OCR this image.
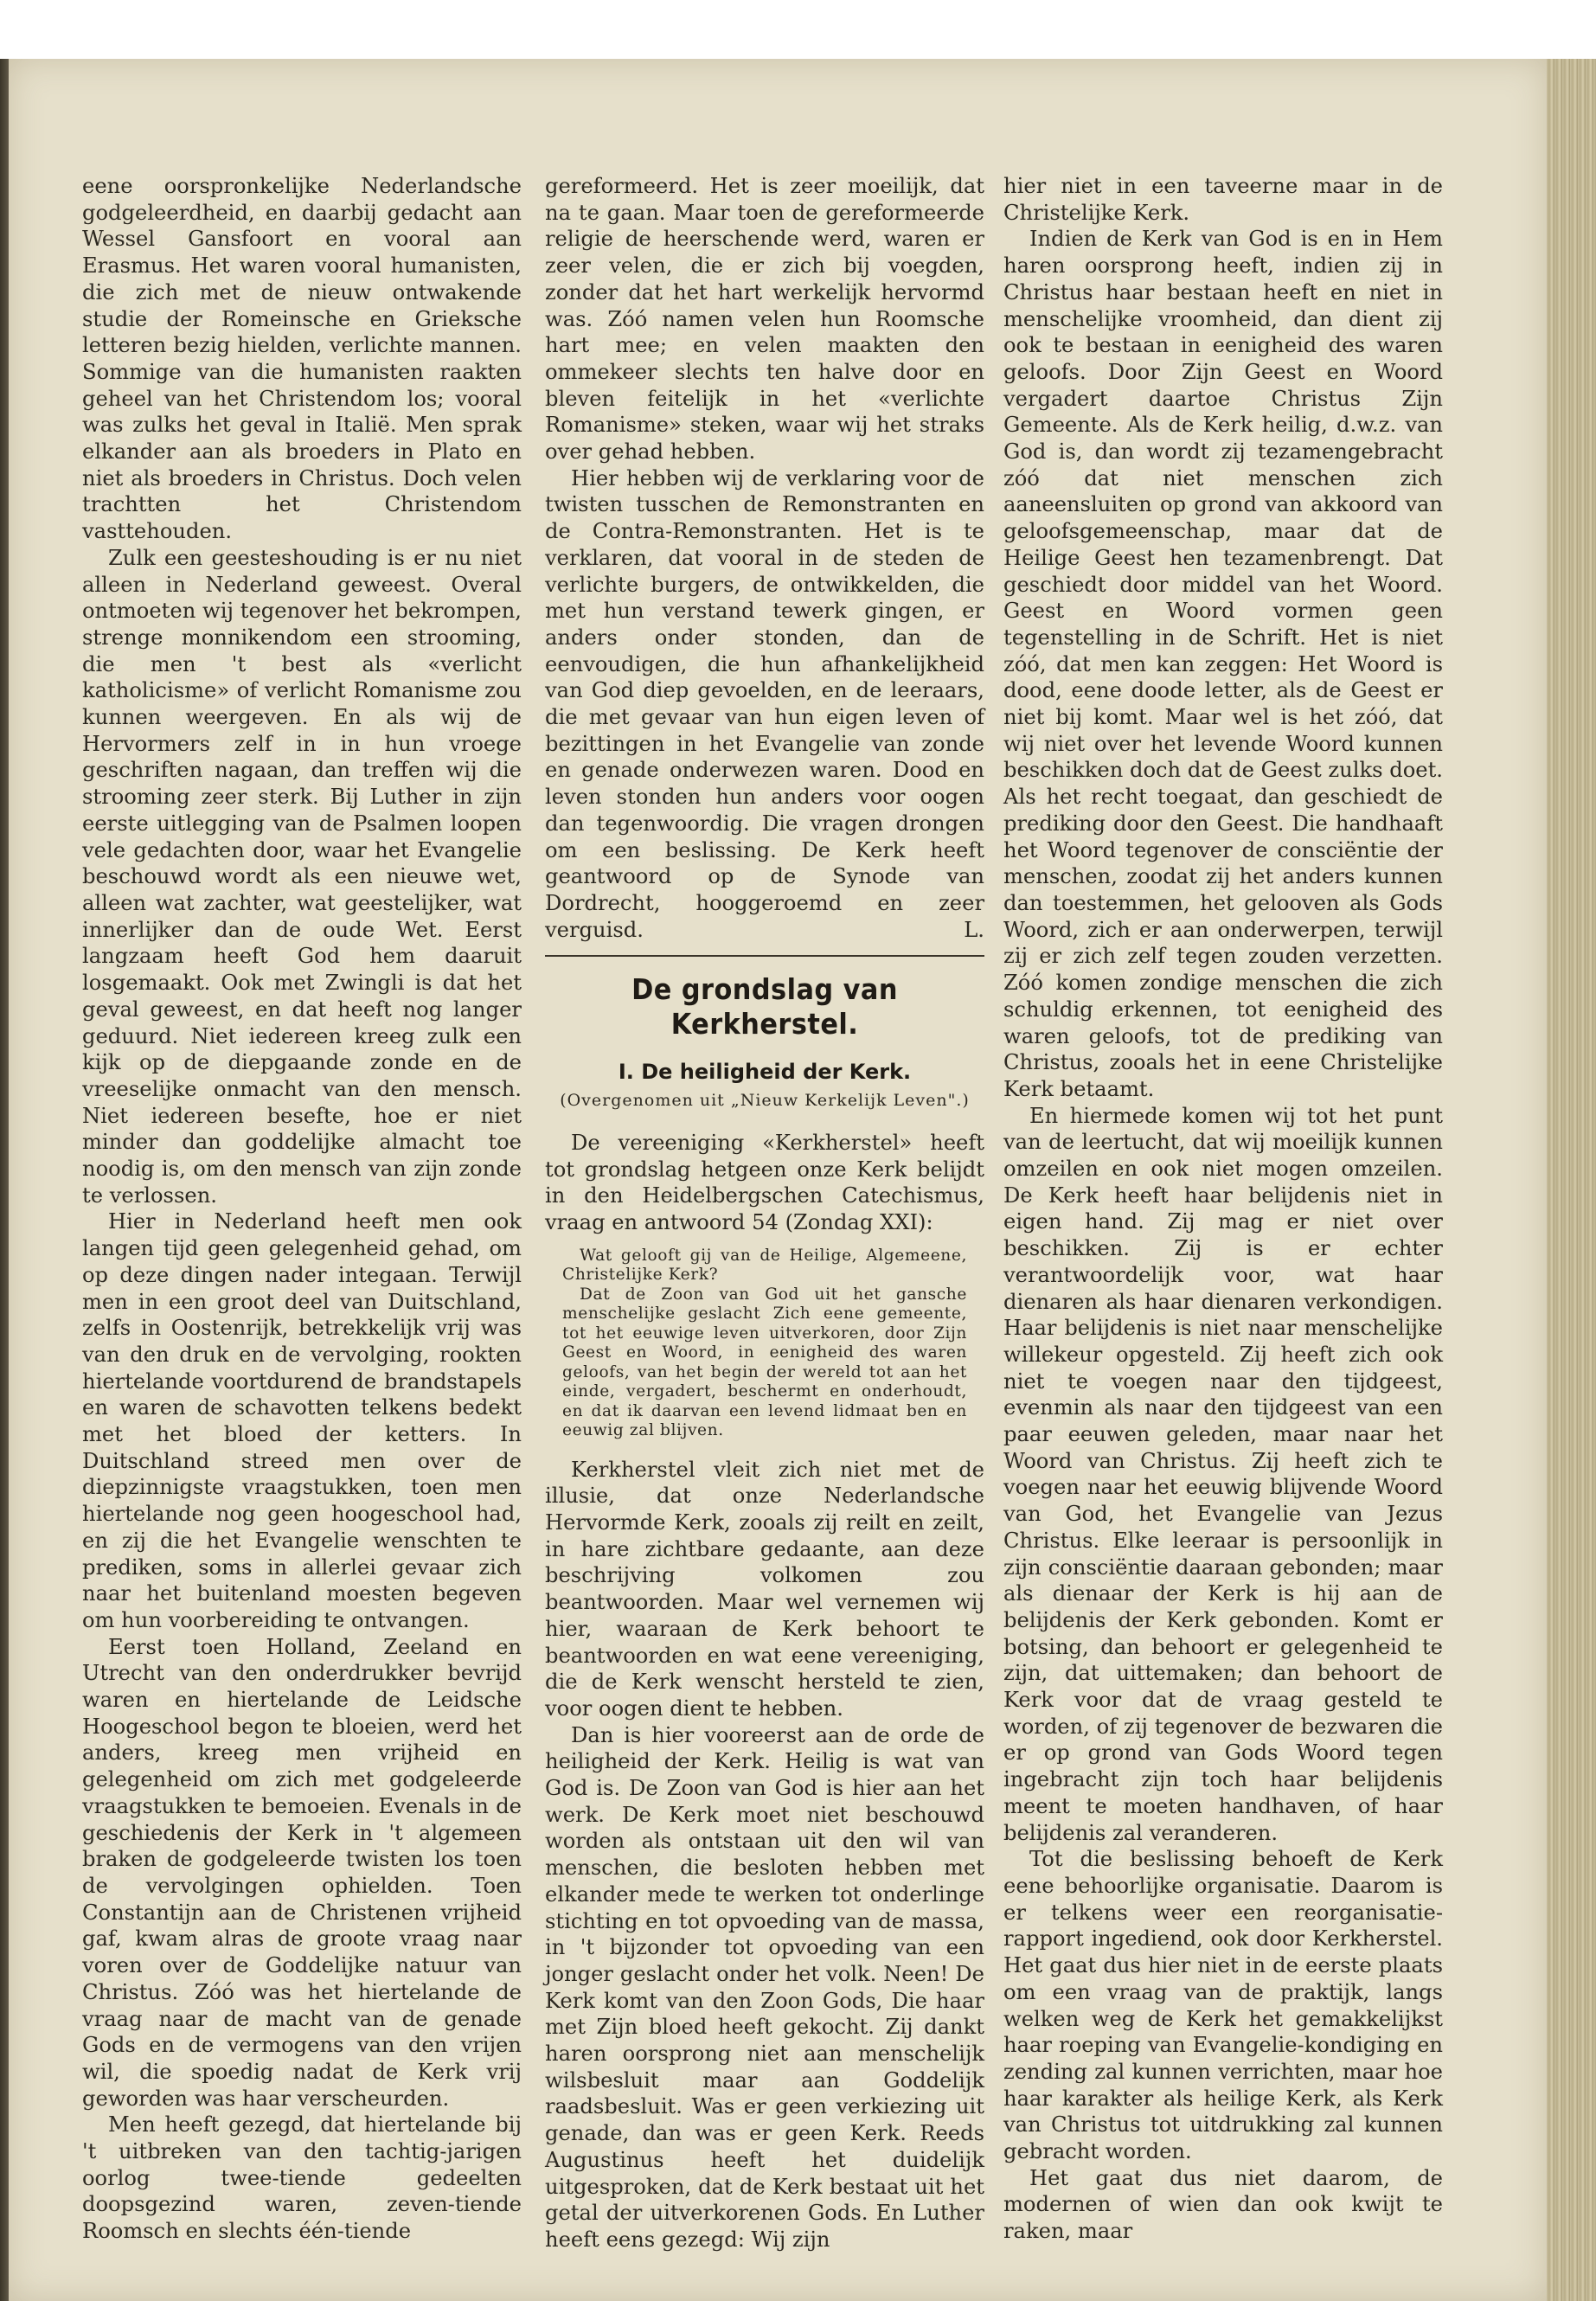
eene oorspronkelijke Nederlandsche godgeleerdheid, en daarbij gedacht aan Wessel Gansfoort en vooral aan Erasmus. Het waren vooral humanisten, die zich met de nieuw ontwakende studie der Romeinsche en Grieksche letteren bezig hielden, verlichte mannen. Sommige van die humanisten raakten geheel van het Christendom los; vooral was zulks het geval in Italië. Men sprak elkander aan als broeders in Plato en niet als broeders in Christus. Doch velen trachtten het Christendom vasttehouden.

Zulk een geesteshouding is er nu niet alleen in Nederland geweest. Overal ontmoeten wij tegenover het bekrompen, strenge monnikendom een strooming, die men 't best als «verlicht katholicisme» of verlicht Romanisme zou kunnen weergeven. En als wij de Hervormers zelf in in hun vroege geschriften nagaan, dan treffen wij die strooming zeer sterk. Bij Luther in zijn eerste uitlegging van de Psalmen loopen vele gedachten door, waar het Evangelie beschouwd wordt als een nieuwe wet, alleen wat zachter, wat geestelijker, wat innerlijker dan de oude Wet. Eerst langzaam heeft God hem daaruit losgemaakt. Ook met Zwingli is dat het geval geweest, en dat heeft nog langer geduurd. Niet iedereen kreeg zulk een kijk op de diepgaande zonde en de vreeselijke onmacht van den mensch. Niet iedereen besefte, hoe er niet minder dan goddelijke almacht toe noodig is, om den mensch van zijn zonde te verlossen.

Hier in Nederland heeft men ook langen tijd geen gelegenheid gehad, om op deze dingen nader integaan. Terwijl men in een groot deel van Duitschland, zelfs in Oostenrijk, betrekkelijk vrij was van den druk en de vervolging, rookten hiertelande voortdurend de brandstapels en waren de schavotten telkens bedekt met het bloed der ketters. In Duitschland streed men over de diepzinnigste vraagstukken, toen men hiertelande nog geen hoogeschool had, en zij die het Evangelie wenschten te prediken, soms in allerlei gevaar zich naar het buitenland moesten begeven om hun voorbereiding te ontvangen.

Eerst toen Holland, Zeeland en Utrecht van den onderdrukker bevrijd waren en hiertelande de Leidsche Hoogeschool begon te bloeien, werd het anders, kreeg men vrijheid en gelegenheid om zich met godgeleerde vraagstukken te bemoeien. Evenals in de geschiedenis der Kerk in 't algemeen braken de godgeleerde twisten los toen de vervolgingen ophielden. Toen Constantijn aan de Christenen vrijheid gaf, kwam alras de groote vraag naar voren over de Goddelijke natuur van Christus. Zóó was het hiertelande de vraag naar de macht van de genade Gods en de vermogens van den vrijen wil, die spoedig nadat de Kerk vrij geworden was haar verscheurden.

Men heeft gezegd, dat hiertelande bij 't uitbreken van den tachtig-jarigen oorlog twee-tiende gedeelten doopsgezind waren, zeven-tiende Roomsch en slechts één-tiende

gereformeerd. Het is zeer moeilijk, dat na te gaan. Maar toen de gereformeerde religie de heerschende werd, waren er zeer velen, die er zich bij voegden, zonder dat het hart werkelijk hervormd was. Zóó namen velen hun Roomsche hart mee; en velen maakten den ommekeer slechts ten halve door en bleven feitelijk in het «verlichte Romanisme» steken, waar wij het straks over gehad hebben.

Hier hebben wij de verklaring voor de twisten tusschen de Remonstranten en de Contra-Remonstranten. Het is te verklaren, dat vooral in de steden de verlichte burgers, de ontwikkelden, die met hun verstand tewerk gingen, er anders onder stonden, dan de eenvoudigen, die hun afhankelijkheid van God diep gevoelden, en de leeraars, die met gevaar van hun eigen leven of bezittingen in het Evangelie van zonde en genade onderwezen waren. Dood en leven stonden hun anders voor oogen dan tegenwoordig. Die vragen drongen om een beslissing. De Kerk heeft geantwoord op de Synode van Dordrecht, hooggeroemd en zeer verguisd.	L.

De grondslag van Kerkherstel.
I. De heiligheid der Kerk.
(Overgenomen uit „Nieuw Kerkelijk Leven".)

De vereeniging «Kerkherstel» heeft tot grondslag hetgeen onze Kerk belijdt in den Heidelbergschen Catechismus, vraag en antwoord 54 (Zondag XXI):

Wat gelooft gij van de Heilige, Algemeene, Christelijke Kerk?

Dat de Zoon van God uit het gansche menschelijke geslacht Zich eene gemeente, tot het eeuwige leven uitverkoren, door Zijn Geest en Woord, in eenigheid des waren geloofs, van het begin der wereld tot aan het einde, vergadert, beschermt en onderhoudt, en dat ik daarvan een levend lidmaat ben en eeuwig zal blijven.

Kerkherstel vleit zich niet met de illusie, dat onze Nederlandsche Hervormde Kerk, zooals zij reilt en zeilt, in hare zichtbare gedaante, aan deze beschrijving volkomen zou beantwoorden. Maar wel vernemen wij hier, waaraan de Kerk behoort te beantwoorden en wat eene vereeniging, die de Kerk wenscht hersteld te zien, voor oogen dient te hebben.

Dan is hier vooreerst aan de orde de heiligheid der Kerk. Heilig is wat van God is. De Zoon van God is hier aan het werk. De Kerk moet niet beschouwd worden als ontstaan uit den wil van menschen, die besloten hebben met elkander mede te werken tot onderlinge stichting en tot opvoeding van de massa, in 't bijzonder tot opvoeding van een jonger geslacht onder het volk. Neen! De Kerk komt van den Zoon Gods, Die haar met Zijn bloed heeft gekocht. Zij dankt haren oorsprong niet aan menschelijk wilsbesluit maar aan Goddelijk raadsbesluit. Was er geen verkiezing uit genade, dan was er geen Kerk. Reeds Augustinus heeft het duidelijk uitgesproken, dat de Kerk bestaat uit het getal der uitverkorenen Gods. En Luther heeft eens gezegd: Wij zijn

hier niet in een taveerne maar in de Christelijke Kerk.

Indien de Kerk van God is en in Hem haren oorsprong heeft, indien zij in Christus haar bestaan heeft en niet in menschelijke vroomheid, dan dient zij ook te bestaan in eenigheid des waren geloofs. Door Zijn Geest en Woord vergadert daartoe Christus Zijn Gemeente. Als de Kerk heilig, d.w.z. van God is, dan wordt zij tezamengebracht zóó dat niet menschen zich aaneensluiten op grond van akkoord van geloofsgemeenschap, maar dat de Heilige Geest hen tezamenbrengt. Dat geschiedt door middel van het Woord. Geest en Woord vormen geen tegenstelling in de Schrift. Het is niet zóó, dat men kan zeggen: Het Woord is dood, eene doode letter, als de Geest er niet bij komt. Maar wel is het zóó, dat wij niet over het levende Woord kunnen beschikken doch dat de Geest zulks doet. Als het recht toegaat, dan geschiedt de prediking door den Geest. Die handhaaft het Woord tegenover de consciëntie der menschen, zoodat zij het anders kunnen dan toestemmen, het gelooven als Gods Woord, zich er aan onderwerpen, terwijl zij er zich zelf tegen zouden verzetten. Zóó komen zondige menschen die zich schuldig erkennen, tot eenigheid des waren geloofs, tot de prediking van Christus, zooals het in eene Christelijke Kerk betaamt.

En hiermede komen wij tot het punt van de leertucht, dat wij moeilijk kunnen omzeilen en ook niet mogen omzeilen. De Kerk heeft haar belijdenis niet in eigen hand. Zij mag er niet over beschikken. Zij is er echter verantwoordelijk voor, wat haar dienaren als haar dienaren verkondigen. Haar belijdenis is niet naar menschelijke willekeur opgesteld. Zij heeft zich ook niet te voegen naar den tijdgeest, evenmin als naar den tijdgeest van een paar eeuwen geleden, maar naar het Woord van Christus. Zij heeft zich te voegen naar het eeuwig blijvende Woord van God, het Evangelie van Jezus Christus. Elke leeraar is persoonlijk in zijn consciëntie daaraan gebonden; maar als dienaar der Kerk is hij aan de belijdenis der Kerk gebonden. Komt er botsing, dan behoort er gelegenheid te zijn, dat uittemaken; dan behoort de Kerk voor dat de vraag gesteld te worden, of zij tegenover de bezwaren die er op grond van Gods Woord tegen ingebracht zijn toch haar belijdenis meent te moeten handhaven, of haar belijdenis zal veranderen.

Tot die beslissing behoeft de Kerk eene behoorlijke organisatie. Daarom is er telkens weer een reorganisatie-rapport ingediend, ook door Kerkherstel. Het gaat dus hier niet in de eerste plaats om een vraag van de praktijk, langs welken weg de Kerk het gemakkelijkst haar roeping van Evangelie-kondiging en zending zal kunnen verrichten, maar hoe haar karakter als heilige Kerk, als Kerk van Christus tot uitdrukking zal kunnen gebracht worden.

Het gaat dus niet daarom, de modernen of wien dan ook kwijt te raken, maar
